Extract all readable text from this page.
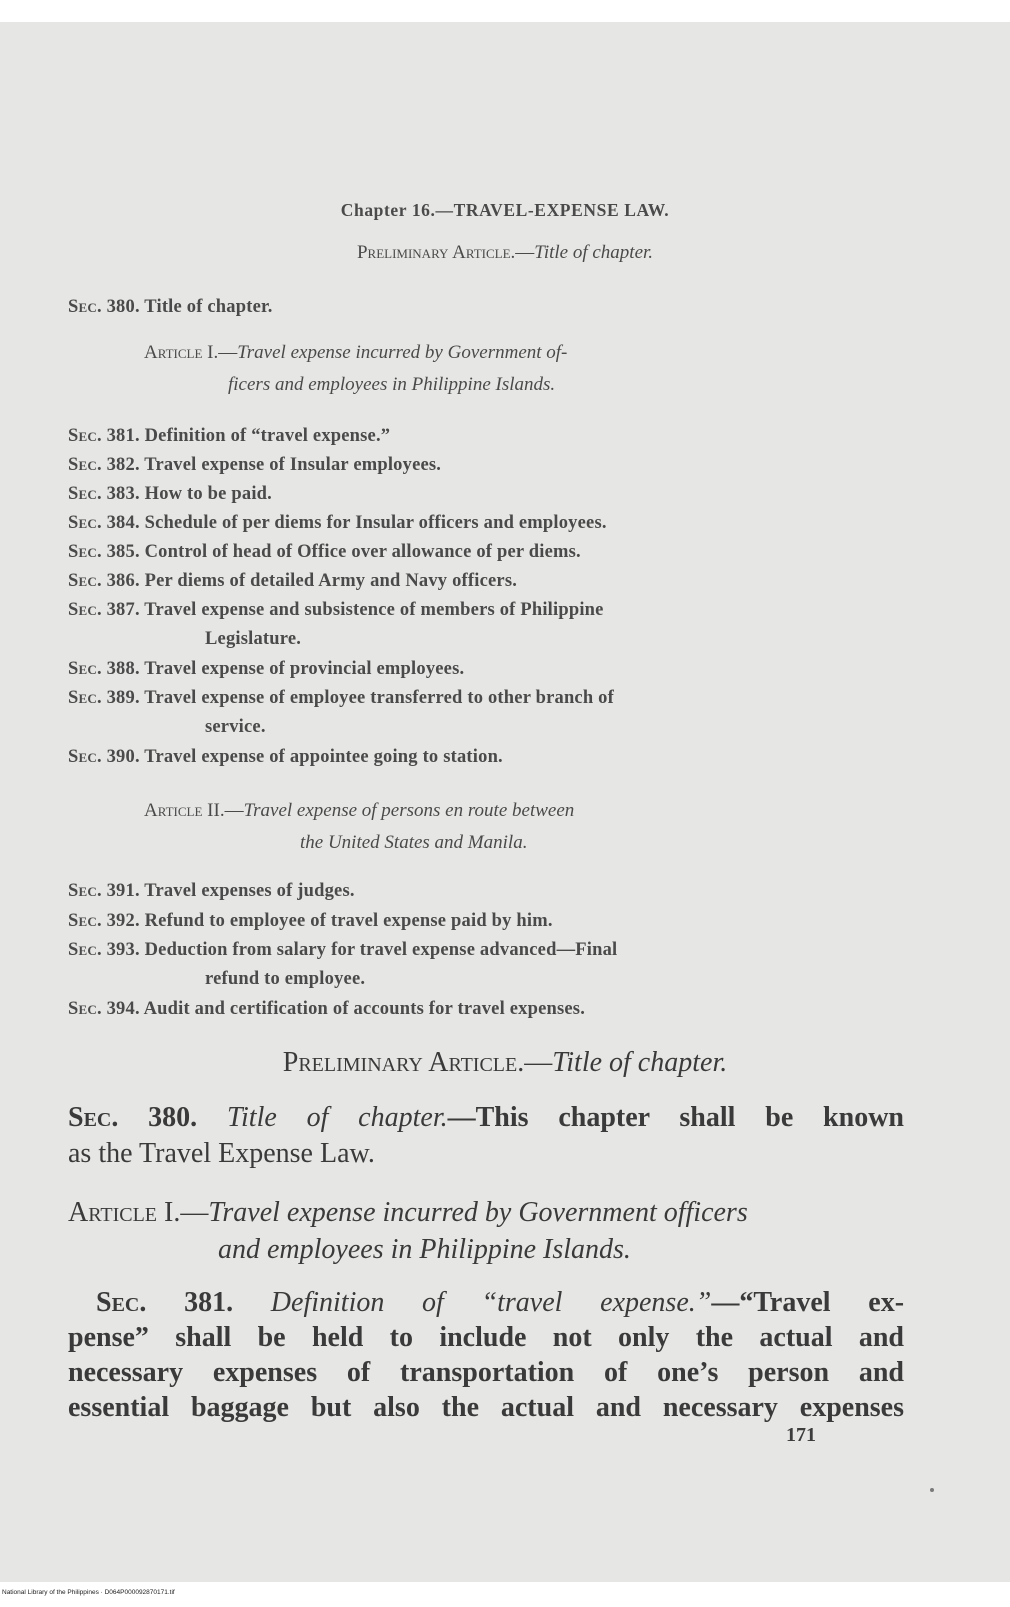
Chapter 16.—TRAVEL-EXPENSE LAW.
Preliminary Article.—Title of chapter.
Sec. 380. Title of chapter.
Article I.—Travel expense incurred by Government of-
ficers and employees in Philippine Islands.
Sec. 381. Definition of “travel expense.”
Sec. 382. Travel expense of Insular employees.
Sec. 383. How to be paid.
Sec. 384. Schedule of per diems for Insular officers and employees.
Sec. 385. Control of head of Office over allowance of per diems.
Sec. 386. Per diems of detailed Army and Navy officers.
Sec. 387. Travel expense and subsistence of members of Philippine
Legislature.
Sec. 388. Travel expense of provincial employees.
Sec. 389. Travel expense of employee transferred to other branch of
service.
Sec. 390. Travel expense of appointee going to station.
Article II.—Travel expense of persons en route between
the United States and Manila.
Sec. 391. Travel expenses of judges.
Sec. 392. Refund to employee of travel expense paid by him.
Sec. 393. Deduction from salary for travel expense advanced—Final
refund to employee.
Sec. 394. Audit and certification of accounts for travel expenses.
Preliminary Article.—Title of chapter.
Sec. 380. Title of chapter.—This chapter shall be known
as the Travel Expense Law.
Article I.—Travel expense incurred by Government officers
and employees in Philippine Islands.
Sec. 381. Definition of “travel expense.”—“Travel ex-
pense” shall be held to include not only the actual and
necessary expenses of transportation of one’s person and
essential baggage but also the actual and necessary expenses
171
National Library of the Philippines · D064P000092870171.tif
